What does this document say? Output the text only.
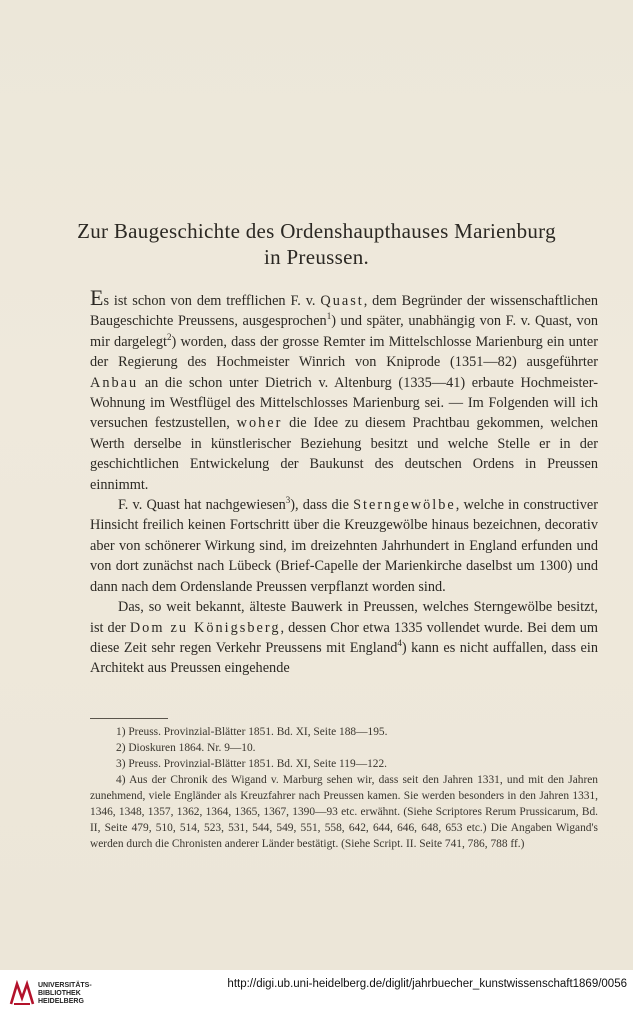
Zur Baugeschichte des Ordenshaupthauses Marienburg
in Preussen.

Es ist schon von dem trefflichen F. v. Quast, dem Begründer der wissenschaftlichen Baugeschichte Preussens, ausgesprochen$^1$) und später, unabhängig von F. v. Quast, von mir dargelegt$^2$) worden, dass der grosse Remter im Mittelschlosse Marienburg ein unter der Regierung des Hochmeister Winrich von Kniprode (1351—82) ausgeführter Anbau an die schon unter Dietrich v. Altenburg (1335—41) erbaute Hochmeister-Wohnung im Westflügel des Mittelschlosses Marienburg sei. — Im Folgenden will ich versuchen festzustellen, woher die Idee zu diesem Prachtbau gekommen, welchen Werth derselbe in künstlerischer Beziehung besitzt und welche Stelle er in der geschichtlichen Entwickelung der Baukunst des deutschen Ordens in Preussen einnimmt.

F. v. Quast hat nachgewiesen$^3$), dass die Sterngewölbe, welche in constructiver Hinsicht freilich keinen Fortschritt über die Kreuzgewölbe hinaus bezeichnen, decorativ aber von schönerer Wirkung sind, im dreizehnten Jahrhundert in England erfunden und von dort zunächst nach Lübeck (Brief-Capelle der Marienkirche daselbst um 1300) und dann nach dem Ordenslande Preussen verpflanzt worden sind.

Das, so weit bekannt, älteste Bauwerk in Preussen, welches Sterngewölbe besitzt, ist der Dom zu Königsberg, dessen Chor etwa 1335 vollendet wurde. Bei dem um diese Zeit sehr regen Verkehr Preussens mit England$^4$) kann es nicht auffallen, dass ein Architekt aus Preussen eingehende

1) Preuss. Provinzial-Blätter 1851. Bd. XI, Seite 188—195.
2) Dioskuren 1864. Nr. 9—10.
3) Preuss. Provinzial-Blätter 1851. Bd. XI, Seite 119—122.
4) Aus der Chronik des Wigand v. Marburg sehen wir, dass seit den Jahren 1331, und mit den Jahren zunehmend, viele Engländer als Kreuzfahrer nach Preussen kamen. Sie werden besonders in den Jahren 1331, 1346, 1348, 1357, 1362, 1364, 1365, 1367, 1390—93 etc. erwähnt. (Siehe Scriptores Rerum Prussicarum, Bd. II, Seite 479, 510, 514, 523, 531, 544, 549, 551, 558, 642, 644, 646, 648, 653 etc.) Die Angaben Wigand's werden durch die Chronisten anderer Länder bestätigt. (Siehe Script. II. Seite 741, 786, 788 ff.)
UNIVERSITÄTS-
BIBLIOTHEK
HEIDELBERG
http://digi.ub.uni-heidelberg.de/diglit/jahrbuecher_kunstwissenschaft1869/0056
